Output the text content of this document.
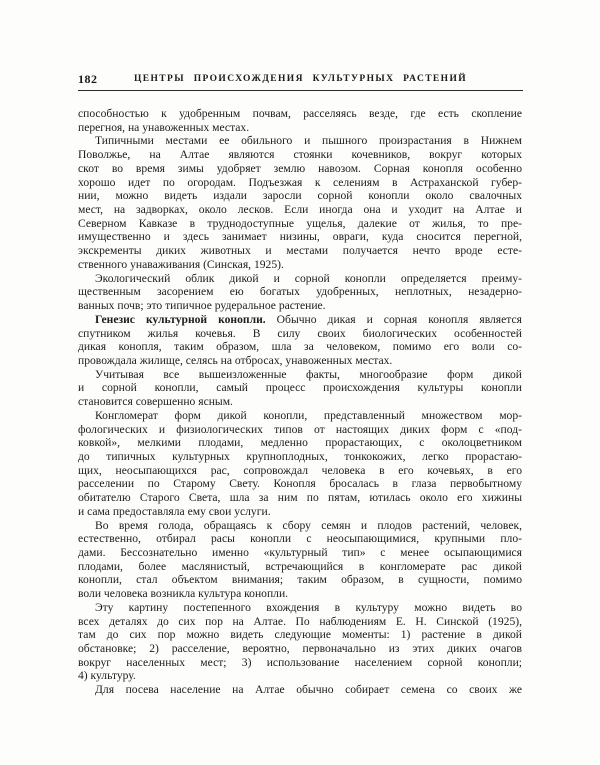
182	ЦЕНТРЫ ПРОИСХОЖДЕНИЯ КУЛЬТУРНЫХ РАСТЕНИЙ
способностью к удобренным почвам, расселяясь везде, где есть скопление
перегноя, на унавоженных местах.
Типичными местами ее обильного и пышного произрастания в Нижнем
Поволжье, на Алтае являются стоянки кочевников, вокруг которых
скот во время зимы удобряет землю навозом. Сорная конопля особенно
хорошо идет по огородам. Подъезжая к селениям в Астраханской губер-
нии, можно видеть издали заросли сорной конопли около свалочных
мест, на задворках, около лесков. Если иногда она и уходит на Алтае и
Северном Кавказе в труднодоступные ущелья, далекие от жилья, то пре-
имущественно и здесь занимает низины, овраги, куда сносится перегной,
экскременты диких животных и местами получается нечто вроде есте-
ственного унаваживания (Синская, 1925).
Экологический облик дикой и сорной конопли определяется преиму-
щественным засорением ею богатых удобренных, неплотных, незадерно-
ванных почв; это типичное рудеральное растение.
Генезис культурной конопли. Обычно дикая и сорная конопля является
спутником жилья кочевья. В силу своих биологических особенностей
дикая конопля, таким образом, шла за человеком, помимо его воли со-
провождала жилище, селясь на отбросах, унавоженных местах.
Учитывая все вышеизложенные факты, многообразие форм дикой
и сорной конопли, самый процесс происхождения культуры конопли
становится совершенно ясным.
Конгломерат форм дикой конопли, представленный множеством мор-
фологических и физиологических типов от настоящих диких форм с «под-
ковкой», мелкими плодами, медленно прорастающих, с околоцветником
до типичных культурных крупноплодных, тонкокожих, легко прорастаю-
щих, неосыпающихся рас, сопровождал человека в его кочевьях, в его
расселении по Старому Свету. Конопля бросалась в глаза первобытному
обитателю Старого Света, шла за ним по пятам, ютилась около его хижины
и сама предоставляла ему свои услуги.
Во время голода, обращаясь к сбору семян и плодов растений, человек,
естественно, отбирал расы конопли с неосыпающимися, крупными пло-
дами. Бессознательно именно «культурный тип» с менее осыпающимися
плодами, более маслянистый, встречающийся в конгломерате рас дикой
конопли, стал объектом внимания; таким образом, в сущности, помимо
воли человека возникла культура конопли.
Эту картину постепенного вхождения в культуру можно видеть во
всех деталях до сих пор на Алтае. По наблюдениям Е. Н. Синской (1925),
там до сих пор можно видеть следующие моменты: 1) растение в дикой
обстановке; 2) расселение, вероятно, первоначально из этих диких очагов
вокруг населенных мест; 3) использование населением сорной конопли;
4) культуру.
Для посева население на Алтае обычно собирает семена со своих же
